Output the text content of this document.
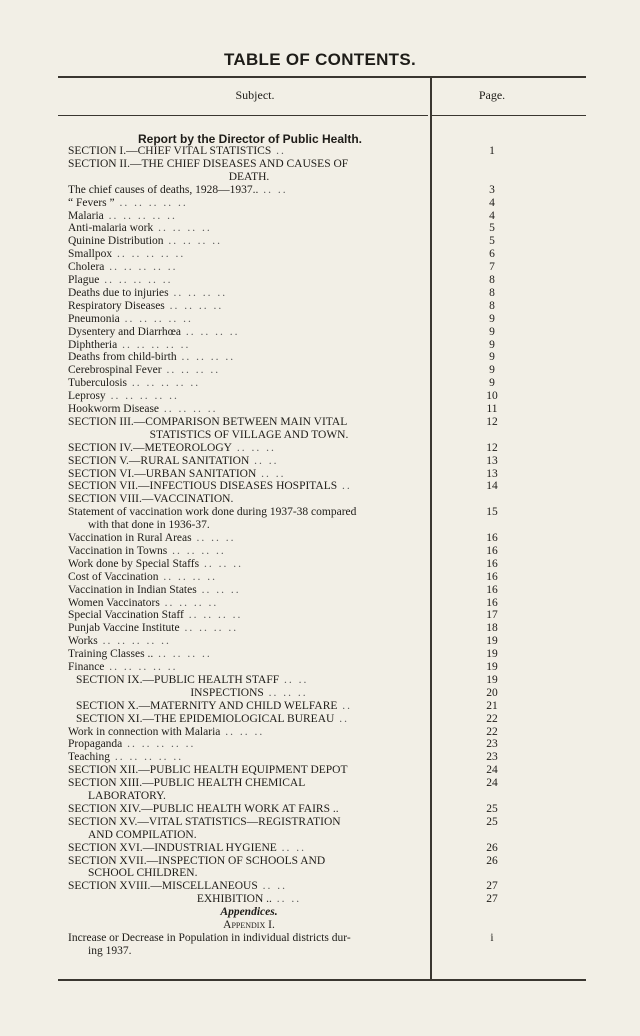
TABLE OF CONTENTS.
Subject.	Page.
Report by the Director of Public Health.
SECTION I.—CHIEF VITAL STATISTICS ..	1
SECTION II.—THE CHIEF DISEASES AND CAUSES OF
DEATH.
The chief causes of deaths, 1928—1937.. .. ..	3
“ Fevers ” .. .. .. .. ..	4
Malaria .. .. .. .. ..	4
Anti-malaria work .. .. .. ..	5
Quinine Distribution .. .. .. ..	5
Smallpox .. .. .. .. ..	6
Cholera .. .. .. .. ..	7
Plague .. .. .. .. ..	8
Deaths due to injuries .. .. .. ..	8
Respiratory Diseases .. .. .. ..	8
Pneumonia .. .. .. .. ..	9
Dysentery and Diarrhœa .. .. .. ..	9
Diphtheria .. .. .. .. ..	9
Deaths from child-birth .. .. .. ..	9
Cerebrospinal Fever .. .. .. ..	9
Tuberculosis .. .. .. .. ..	9
Leprosy .. .. .. .. ..	10
Hookworm Disease .. .. .. ..	11
SECTION III.—COMPARISON BETWEEN MAIN VITAL	12
STATISTICS OF VILLAGE AND TOWN.
SECTION IV.—METEOROLOGY .. .. ..	12
SECTION V.—RURAL SANITATION .. ..	13
SECTION VI.—URBAN SANITATION .. ..	13
SECTION VII.—INFECTIOUS DISEASES HOSPITALS ..	14
SECTION VIII.—VACCINATION.
Statement of vaccination work done during 1937-38 compared	15
with that done in 1936-37.
Vaccination in Rural Areas .. .. ..	16
Vaccination in Towns .. .. .. ..	16
Work done by Special Staffs .. .. ..	16
Cost of Vaccination .. .. .. ..	16
Vaccination in Indian States .. .. ..	16
Women Vaccinators .. .. .. ..	16
Special Vaccination Staff .. .. .. ..	17
Punjab Vaccine Institute .. .. .. ..	18
Works .. .. .. .. ..	19
Training Classes .. .. .. .. ..	19
Finance .. .. .. .. ..	19
SECTION IX.—PUBLIC HEALTH STAFF .. ..	19
INSPECTIONS .. .. ..	20
SECTION X.—MATERNITY AND CHILD WELFARE ..	21
SECTION XI.—THE EPIDEMIOLOGICAL BUREAU ..	22
Work in connection with Malaria .. .. ..	22
Propaganda .. .. .. .. ..	23
Teaching .. .. .. .. ..	23
SECTION XII.—PUBLIC HEALTH EQUIPMENT DEPOT	24
SECTION XIII.—PUBLIC HEALTH CHEMICAL	24
LABORATORY.
SECTION XIV.—PUBLIC HEALTH WORK AT FAIRS ..	25
SECTION XV.—VITAL STATISTICS—REGISTRATION	25
AND COMPILATION.
SECTION XVI.—INDUSTRIAL HYGIENE .. ..	26
SECTION XVII.—INSPECTION OF SCHOOLS AND	26
SCHOOL CHILDREN.
SECTION XVIII.—MISCELLANEOUS .. ..	27
EXHIBITION .. .. ..	27
Appendices.
Appendix I.
Increase or Decrease in Population in individual districts dur-	i
ing 1937.
